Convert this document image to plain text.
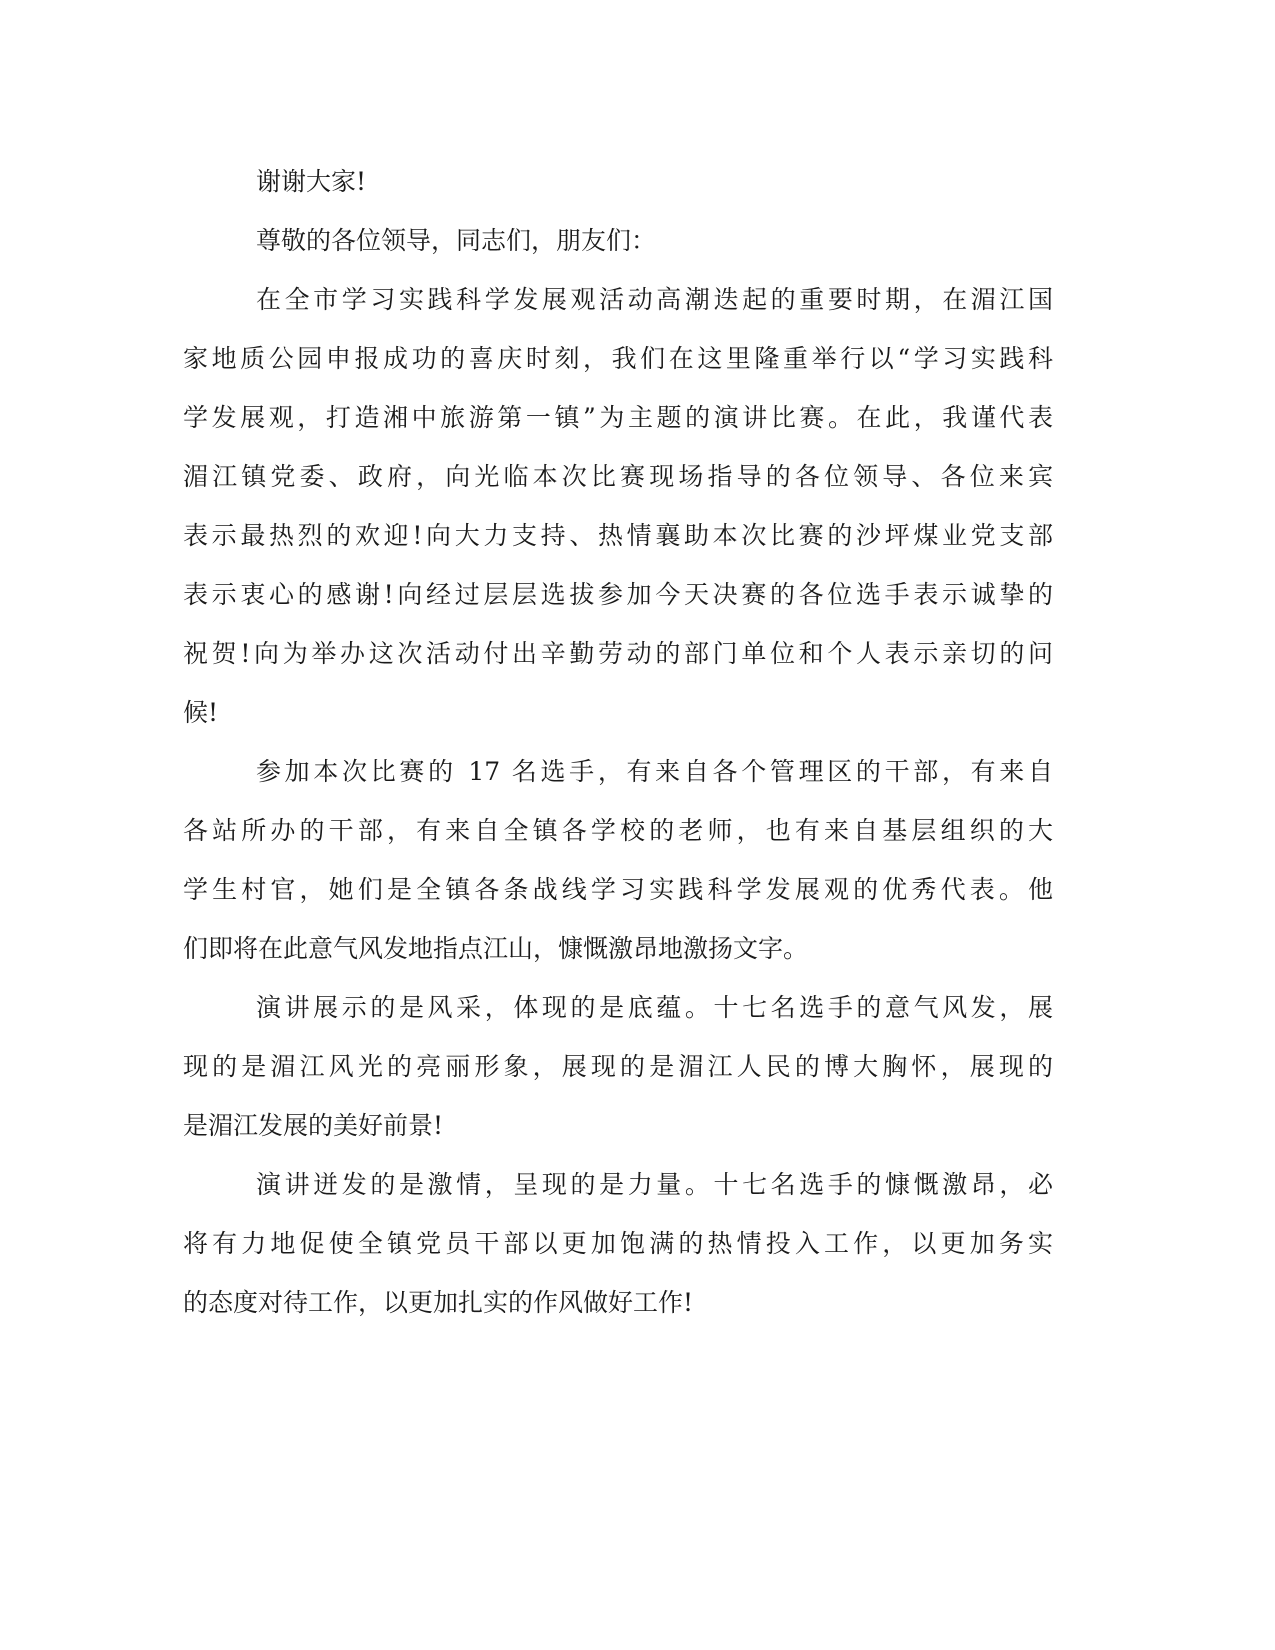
谢谢大家!
尊敬的各位领导，同志们，朋友们：
在全市学习实践科学发展观活动高潮迭起的重要时期，在湄江国
家地质公园申报成功的喜庆时刻，我们在这里隆重举行以“学习实践科
学发展观，打造湘中旅游第一镇”为主题的演讲比赛。在此，我谨代表
湄江镇党委、政府，向光临本次比赛现场指导的各位领导、各位来宾
表示最热烈的欢迎!向大力支持、热情襄助本次比赛的沙坪煤业党支部
表示衷心的感谢!向经过层层选拔参加今天决赛的各位选手表示诚挚的
祝贺!向为举办这次活动付出辛勤劳动的部门单位和个人表示亲切的问
候!
参加本次比赛的 17 名选手，有来自各个管理区的干部，有来自
各站所办的干部，有来自全镇各学校的老师，也有来自基层组织的大
学生村官，她们是全镇各条战线学习实践科学发展观的优秀代表。他
们即将在此意气风发地指点江山，慷慨激昂地激扬文字。
演讲展示的是风采，体现的是底蕴。十七名选手的意气风发，展
现的是湄江风光的亮丽形象，展现的是湄江人民的博大胸怀，展现的
是湄江发展的美好前景!
演讲迸发的是激情，呈现的是力量。十七名选手的慷慨激昂，必
将有力地促使全镇党员干部以更加饱满的热情投入工作，以更加务实
的态度对待工作，以更加扎实的作风做好工作!
